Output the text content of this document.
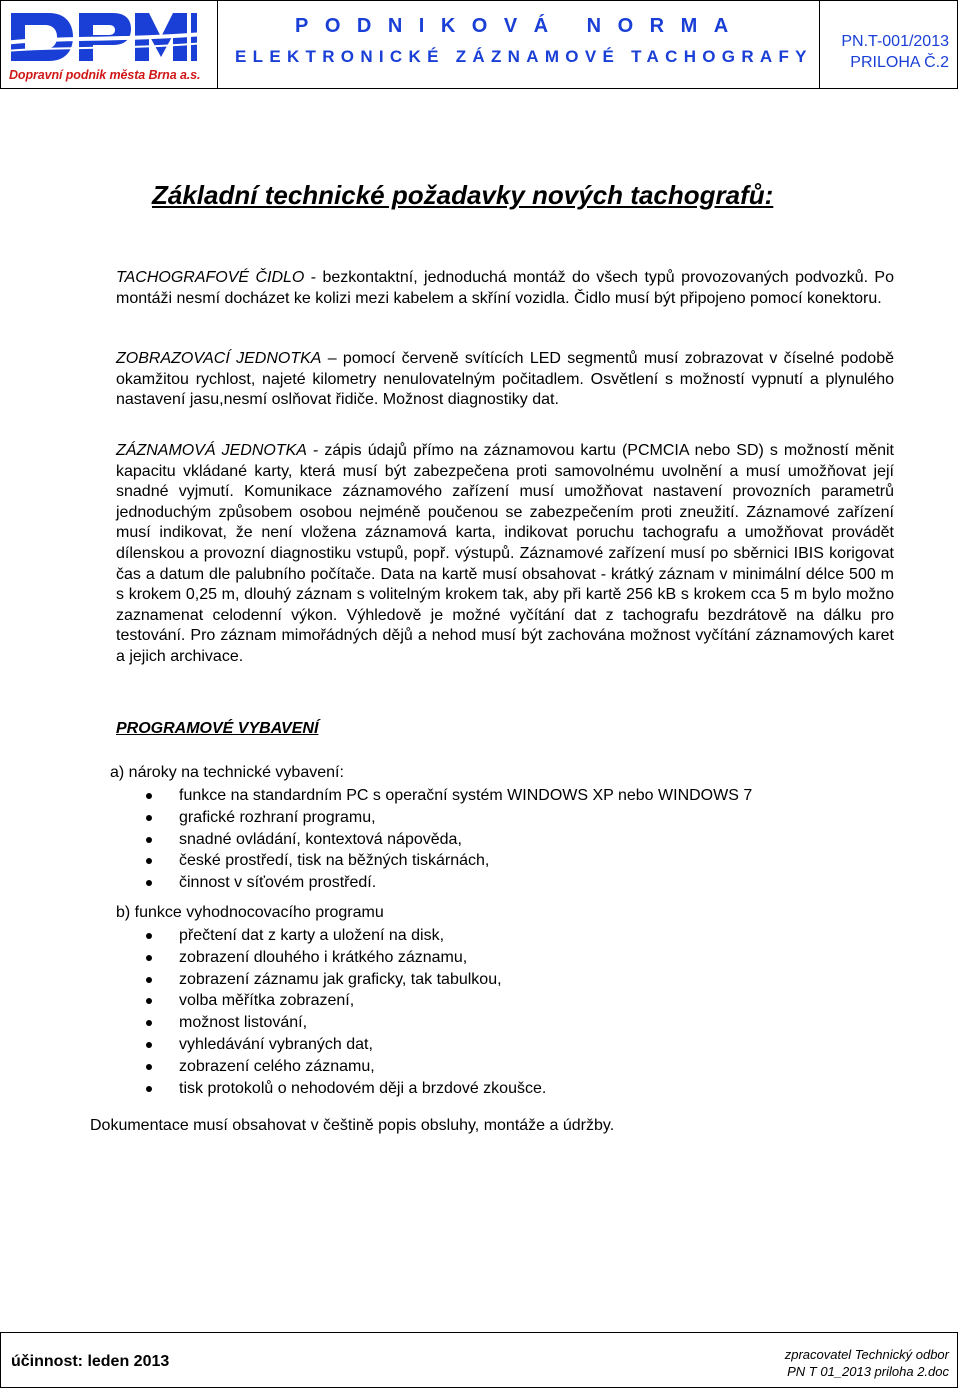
Dopravní podnik města Brna a.s.
PODNIKOVÁ NORMA
ELEKTRONICKÉ ZÁZNAMOVÉ TACHOGRAFY
PN.T-001/2013
PRILOHA Č.2
Základní technické požadavky nových tachografů:
TACHOGRAFOVÉ ČIDLO - bezkontaktní, jednoduchá montáž do všech typů provozovaných podvozků. Po montáži nesmí docházet ke kolizi mezi kabelem a skříní vozidla. Čidlo musí být připojeno pomocí konektoru.
ZOBRAZOVACÍ JEDNOTKA – pomocí červeně svítících LED segmentů musí zobrazovat v číselné podobě okamžitou rychlost, najeté kilometry nenulovatelným počitadlem. Osvětlení s možností vypnutí a plynulého nastavení jasu,nesmí oslňovat řidiče. Možnost diagnostiky dat.
ZÁZNAMOVÁ JEDNOTKA - zápis údajů přímo na záznamovou kartu (PCMCIA nebo SD) s možností měnit kapacitu vkládané karty, která musí být zabezpečena proti samovolnému uvolnění a musí umožňovat její snadné vyjmutí. Komunikace záznamového zařízení musí umožňovat nastavení provozních parametrů jednoduchým způsobem osobou nejméně poučenou se zabezpečením proti zneužití. Záznamové zařízení musí indikovat, že není vložena záznamová karta, indikovat poruchu tachografu a umožňovat provádět dílenskou a provozní diagnostiku vstupů, popř. výstupů. Záznamové zařízení musí po sběrnici IBIS korigovat čas a datum dle palubního počítače. Data na kartě musí obsahovat - krátký záznam v minimální délce 500 m s krokem 0,25 m, dlouhý záznam s volitelným krokem tak, aby při kartě 256 kB s krokem cca 5 m bylo možno zaznamenat celodenní výkon. Výhledově je možné vyčítání dat z tachografu bezdrátově na dálku pro testování. Pro záznam mimořádných dějů a nehod musí být zachována možnost vyčítání záznamových karet a jejich archivace.
PROGRAMOVÉ VYBAVENÍ
a) nároky na technické vybavení:
funkce na standardním PC s operační systém WINDOWS XP nebo WINDOWS 7
grafické rozhraní programu,
snadné ovládání, kontextová nápověda,
české prostředí, tisk na běžných tiskárnách,
činnost v síťovém prostředí.
b) funkce vyhodnocovacího programu
přečtení dat z karty a uložení na disk,
zobrazení dlouhého i krátkého záznamu,
zobrazení záznamu jak graficky, tak tabulkou,
volba měřítka zobrazení,
možnost listování,
vyhledávání vybraných dat,
zobrazení celého záznamu,
tisk protokolů o nehodovém ději a brzdové zkoušce.
Dokumentace musí obsahovat v češtině popis obsluhy, montáže a údržby.
účinnost: leden 2013	zpracovatel Technický odbor
PN T 01_2013 priloha 2.doc
